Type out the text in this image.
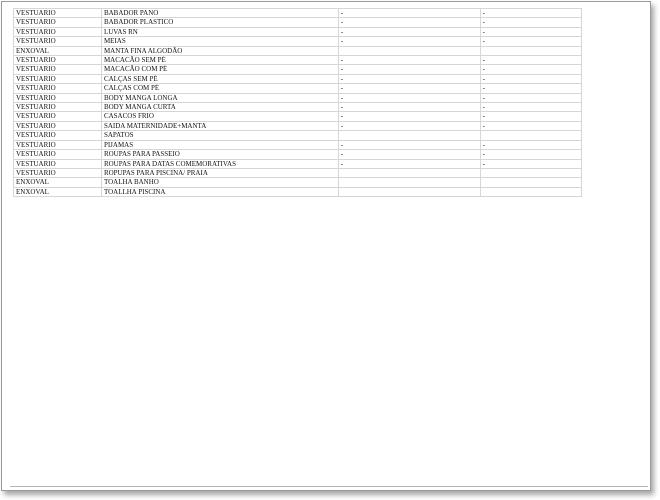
VESTUARIO	BABADOR PANO	-	-
VESTUARIO	BABADOR PLASTICO	-	-
VESTUARIO	LUVAS RN	-	-
VESTUARIO	MEIAS	-	-
ENXOVAL	MANTA FINA ALGODÃO		
VESTUARIO	MACACÃO SEM PÉ	-	-
VESTUARIO	MACACÃO COM PÉ	-	-
VESTUARIO	CALÇAS SEM PÉ	-	-
VESTUARIO	CALÇAS COM PÉ	-	-
VESTUARIO	BODY MANGA LONGA	-	-
VESTUARIO	BODY MANGA CURTA	-	-
VESTUARIO	CASACOS FRIO	-	-
VESTUARIO	SAIDA MATERNIDADE+MANTA	-	-
VESTUARIO	SAPATOS		
VESTUARIO	PIJAMAS	-	-
VESTUARIO	ROUPAS PARA PASSEIO	-	-
VESTUARIO	ROUPAS PARA DATAS COMEMORATIVAS	-	-
VESTUARIO	ROPUPAS PARA PISCINA/ PRAIA		
ENXOVAL	TOALHA BANHO		
ENXOVAL	TOALLHA PISCINA		
